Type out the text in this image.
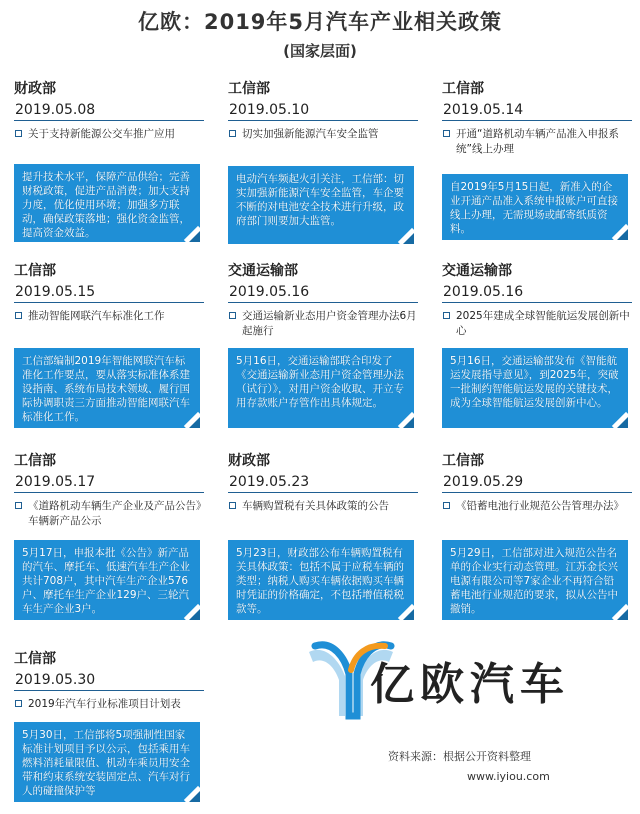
亿欧：2019年5月汽车产业相关政策
(国家层面)
财政部
2019.05.08
关于支持新能源公交车推广应用
提升技术水平，保障产品供给；完善财税政策，促进产品消费；加大支持力度，优化使用环境；加强多方联动，确保政策落地；强化资金监管，提高资金效益。
工信部
2019.05.10
切实加强新能源汽车安全监管
电动汽车频起火引关注，工信部：切实加强新能源汽车安全监管，车企要不断的对电池安全技术进行升级，政府部门则要加大监管。
工信部
2019.05.14
开通“道路机动车辆产品准入申报系统”线上办理
自2019年5月15日起，新准入的企业开通产品准入系统申报帐户可直接线上办理，无需现场或邮寄纸质资料。
工信部
2019.05.15
推动智能网联汽车标准化工作
工信部编制2019年智能网联汽车标准化工作要点，要从落实标准体系建设指南、系统布局技术领域、履行国际协调职责三方面推动智能网联汽车标准化工作。
交通运输部
2019.05.16
交通运输新业态用户资金管理办法6月起施行
5月16日，交通运输部联合印发了《交通运输新业态用户资金管理办法（试行）》，对用户资金收取、开立专用存款账户存管作出具体规定。
交通运输部
2019.05.16
2025年建成全球智能航运发展创新中心
5月16日，交通运输部发布《智能航运发展指导意见》，到2025年，突破一批制约智能航运发展的关键技术，成为全球智能航运发展创新中心。
工信部
2019.05.17
《道路机动车辆生产企业及产品公告》车辆新产品公示
5月17日，申报本批《公告》新产品的汽车、摩托车、低速汽车生产企业共计708户，其中汽车生产企业576户、摩托车生产企业129户、三轮汽车生产企业3户。
财政部
2019.05.23
车辆购置税有关具体政策的公告
5月23日，财政部公布车辆购置税有关具体政策：包括不属于应税车辆的类型；纳税人购买车辆依据购买车辆时凭证的价格确定，不包括增值税税款等。
工信部
2019.05.29
《铅蓄电池行业规范公告管理办法》
5月29日，工信部对进入规范公告名单的企业实行动态管理。江苏金长兴电源有限公司等7家企业不再符合铅蓄电池行业规范的要求，拟从公告中撤销。
工信部
2019.05.30
2019年汽车行业标准项目计划表
5月30日，工信部将5项强制性国家标准计划项目予以公示，包括乘用车燃料消耗量限值、机动车乘员用安全带和约束系统安装固定点、汽车对行人的碰撞保护等
亿欧汽车
资料来源：根据公开资料整理
www.iyiou.com
